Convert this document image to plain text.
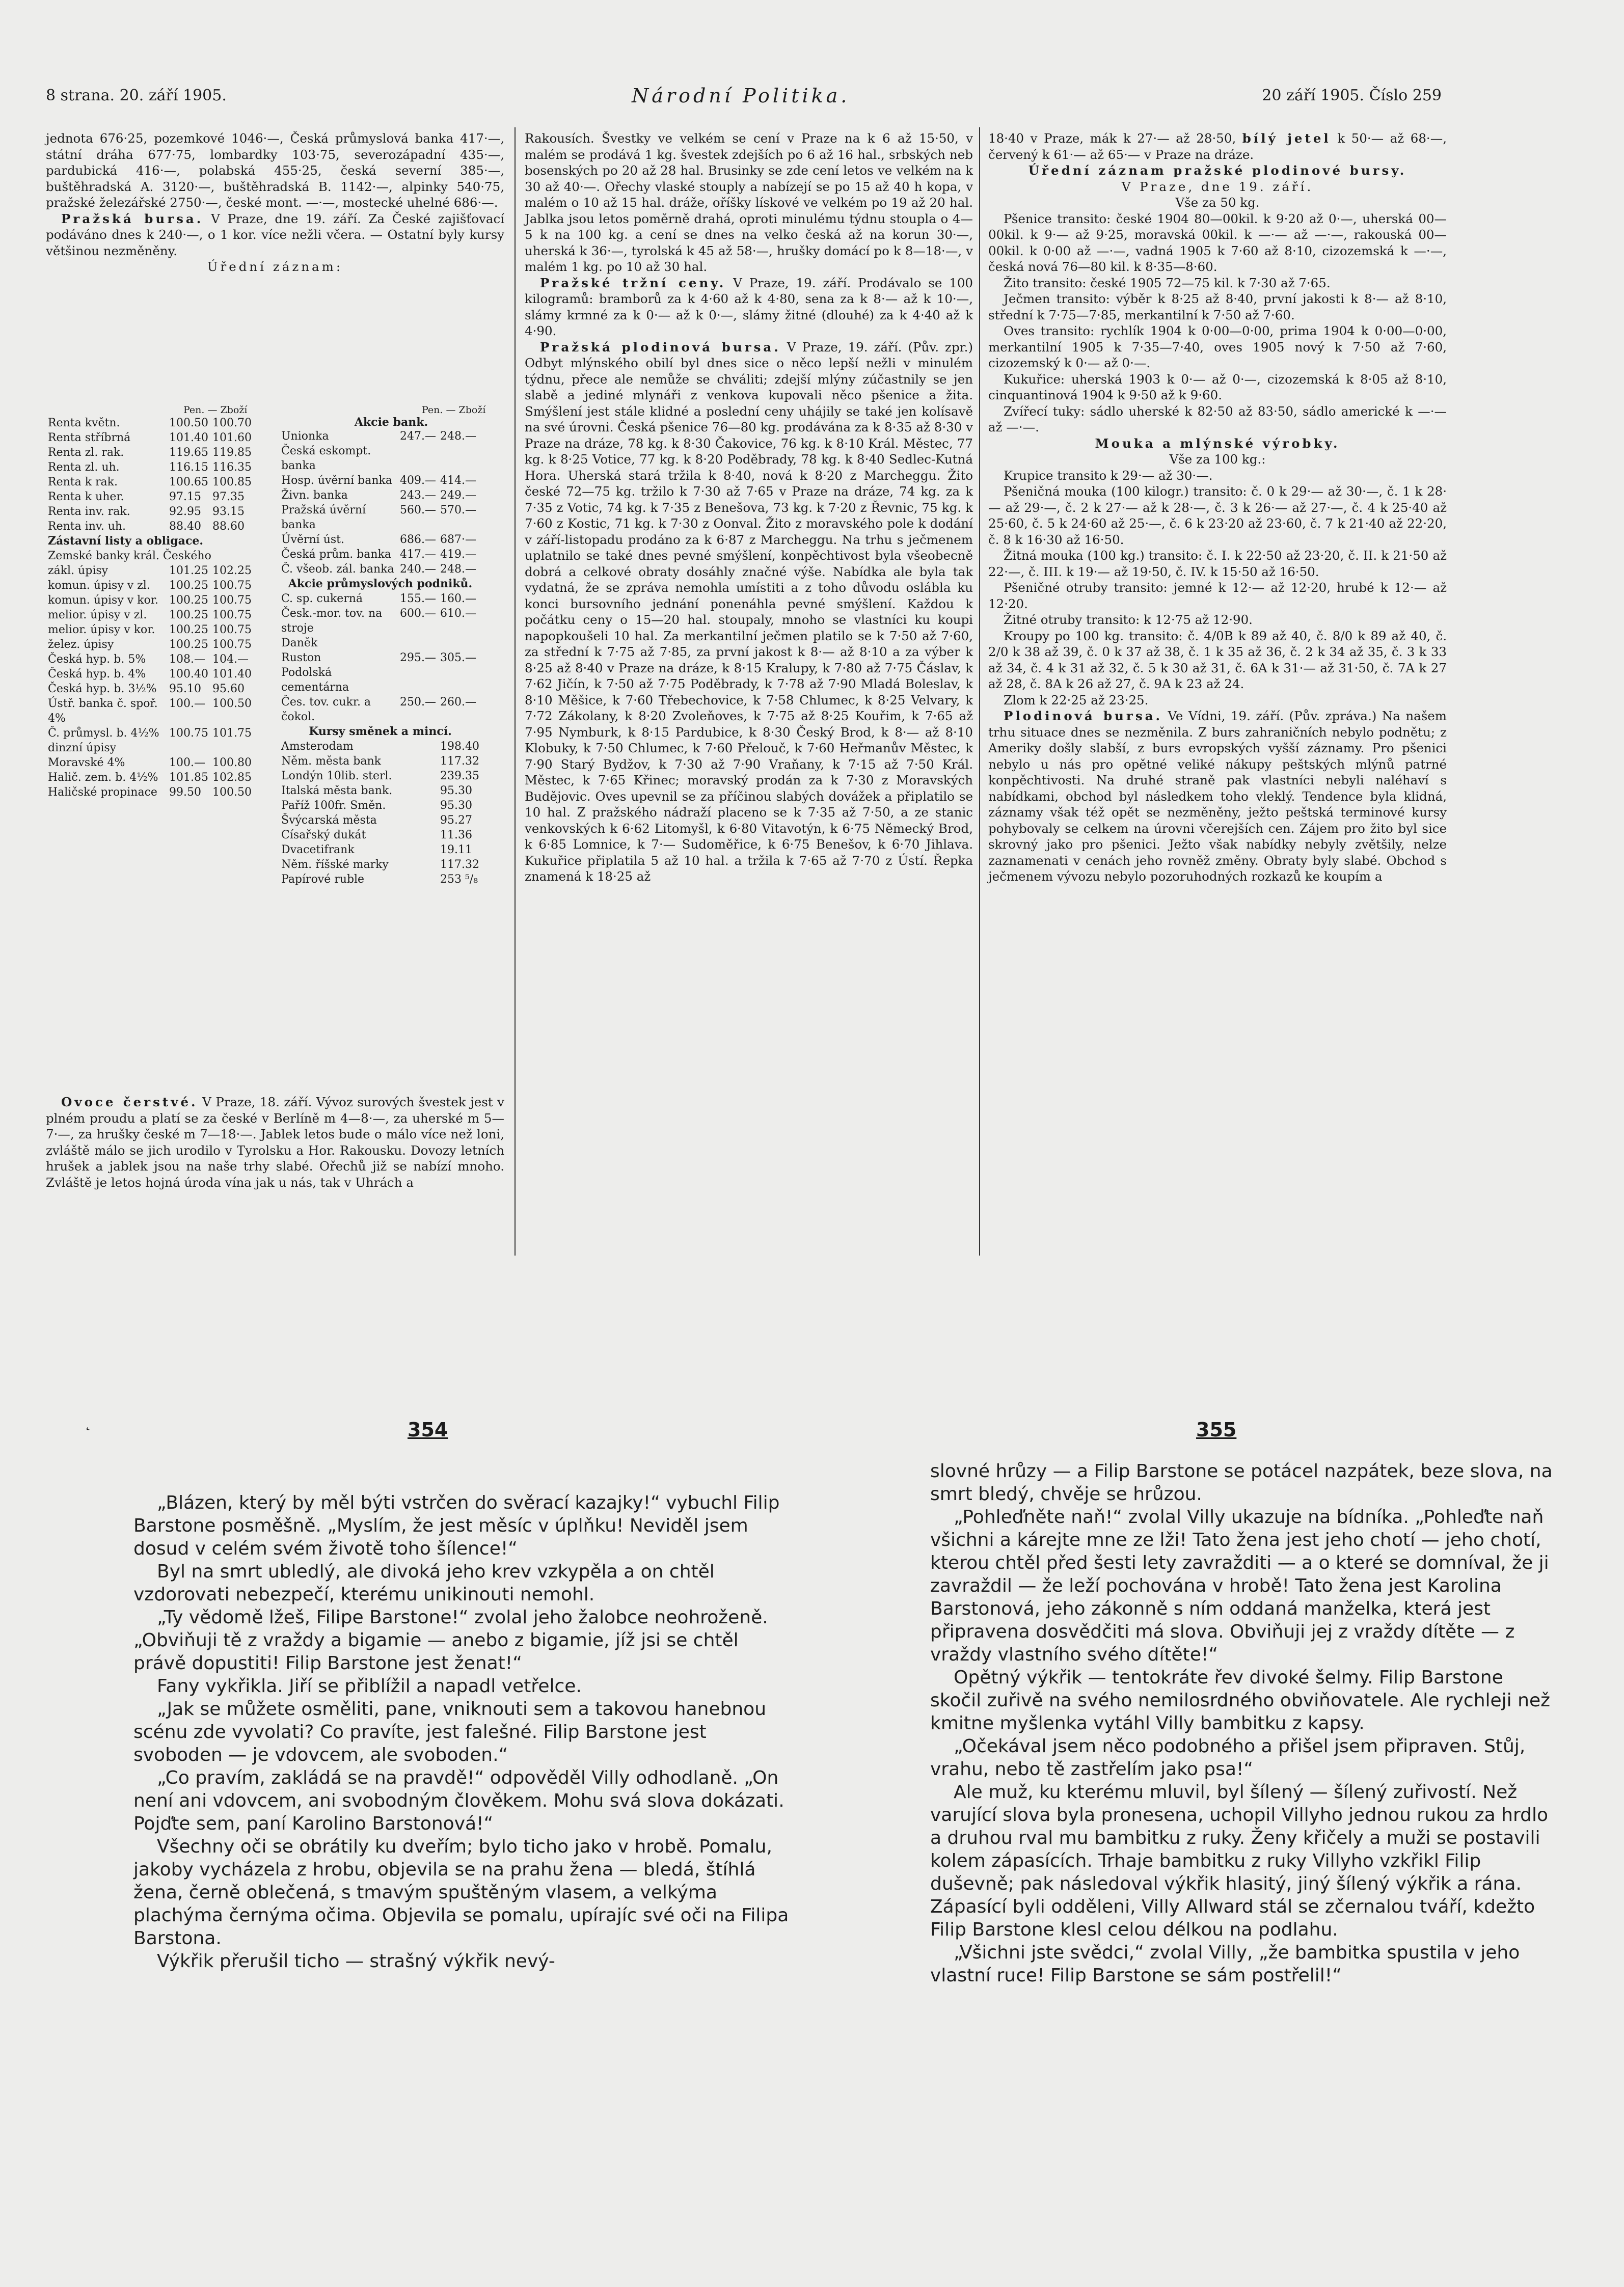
8 strana. 20. září 1905.	Národní Politika.	20 září 1905. Číslo 259

jednota 676·25, pozemkové 1046·—, Česká průmyslová banka 417·—, státní dráha 677·75, lombardky 103·75, severozápadní 435·—, pardubická 416·—, polabská 455·25, česká severní 385·—, buštěhradská A. 3120·—, buštěhradská B. 1142·—, alpinky 540·75, pražské železářské 2750·—, české mont. —·—, mostecké uhelné 686·—.

Pražská bursa. V Praze, dne 19. září. Za České zajišťovací podáváno dnes k 240·—, o 1 kor. více nežli včera. — Ostatní byly kursy většinou nezměněny.

Úřední záznam:

Pen. — Zboží
Renta květn.	100.50	100.70
Renta stříbrná	101.40	101.60
Renta zl. rak.	119.65	119.85
Renta zl. uh.	116.15	116.35
Renta k rak.	100.65	100.85
Renta k uher.	97.15	97.35
Renta inv. rak.	92.95	93.15
Renta inv. uh.	88.40	88.60
Zástavní listy a obligace.		
Zemské banky král. Českého		
zákl. úpisy	101.25	102.25
komun. úpisy v zl.	100.25	100.75
komun. úpisy v kor.	100.25	100.75
melior. úpisy v zl.	100.25	100.75
melior. úpisy v kor.	100.25	100.75
želez. úpisy	100.25	100.75
Česká hyp. b. 5%	108.—	104.—
Česká hyp. b. 4%	100.40	101.40
Česká hyp. b. 3½%	95.10	95.60
Ústř. banka č. spoř. 4%	100.—	100.50
Č. průmysl. b. 4½% dinzní úpisy	100.75	101.75
Moravské 4%	100.—	100.80
Halič. zem. b. 4½%	101.85	102.85
Haličské propinace	99.50	100.50
Pen. — Zboží
Akcie bank.
Unionka	247.—	248.—
Česká eskompt. banka		
Hosp. úvěrní banka	409.—	414.—
Živn. banka	243.—	249.—
Pražská úvěrní banka	560.—	570.—
Úvěrní úst.	686.—	687·—
Česká prům. banka	417.—	419.—
Č. všeob. zál. banka	240.—	248.—
Akcie průmyslových podniků.		
C. sp. cukerná	155.—	160.—
Česk.-mor. tov. na stroje	600.—	610.—
Daněk		
Ruston	295.—	305.—
Podolská cementárna		
Čes. tov. cukr. a čokol.	250.—	260.—
Kursy směnek a mincí.		
Amsterodam		198.40
Něm. města bank		117.32
Londýn 10lib. sterl.		239.35
Italská města bank.		95.30
Paříž 100fr. Směn.		95.30
Švýcarská města		95.27
Císařský dukát		11.36
Dvacetifrank		19.11
Něm. říšské marky		117.32
Papírové ruble		253 ⁵/₈

Ovoce čerstvé. V Praze, 18. září. Vývoz surových švestek jest v plném proudu a platí se za české v Berlíně m 4—8·—, za uherské m 5—7·—, za hrušky české m 7—18·—. Jablek letos bude o málo více než loni, zvláště málo se jich urodilo v Tyrolsku a Hor. Rakousku. Dovozy letních hrušek a jablek jsou na naše trhy slabé. Ořechů již se nabízí mnoho. Zvláště je letos hojná úroda vína jak u nás, tak v Uhrách a

Rakousích. Švestky ve velkém se cení v Praze na k 6 až 15·50, v malém se prodává 1 kg. švestek zdejších po 6 až 16 hal., srbských neb bosenských po 20 až 28 hal. Brusinky se zde cení letos ve velkém na k 30 až 40·—. Ořechy vlaské stouply a nabízejí se po 15 až 40 h kopa, v malém o 10 až 15 hal. dráže, oříšky lískové ve velkém po 19 až 20 hal. Jablka jsou letos poměrně drahá, oproti minulému týdnu stoupla o 4—5 k na 100 kg. a cení se dnes na velko česká až na korun 30·—, uherská k 36·—, tyrolská k 45 až 58·—, hrušky domácí po k 8—18·—, v malém 1 kg. po 10 až 30 hal.

Pražské tržní ceny. V Praze, 19. září. Prodávalo se 100 kilogramů: bramborů za k 4·60 až k 4·80, sena za k 8·— až k 10·—, slámy krmné za k 0·— až k 0·—, slámy žitné (dlouhé) za k 4·40 až k 4·90.

Pražská plodinová bursa. V Praze, 19. září. (Pův. zpr.) Odbyt mlýnského obilí byl dnes sice o něco lepší nežli v minulém týdnu, přece ale nemůže se chváliti; zdejší mlýny zúčastnily se jen slabě a jediné mlynáři z venkova kupovali něco pšenice a žita. Smýšlení jest stále klidné a poslední ceny uhájily se také jen kolísavě na své úrovni. Česká pšenice 76—80 kg. prodávána za k 8·35 až 8·30 v Praze na dráze, 78 kg. k 8·30 Čakovice, 76 kg. k 8·10 Král. Městec, 77 kg. k 8·25 Votice, 77 kg. k 8·20 Poděbrady, 78 kg. k 8·40 Sedlec-Kutná Hora. Uherská stará tržila k 8·40, nová k 8·20 z Marcheggu. Žito české 72—75 kg. tržilo k 7·30 až 7·65 v Praze na dráze, 74 kg. za k 7·35 z Votic, 74 kg. k 7·35 z Benešova, 73 kg. k 7·20 z Řevnic, 75 kg. k 7·60 z Kostic, 71 kg. k 7·30 z Oonval. Žito z moravského pole k dodání v září-listopadu prodáno za k 6·87 z Marcheggu. Na trhu s ječmenem uplatnilo se také dnes pevné smýšlení, konpěchtivost byla všeobecně dobrá a celkové obraty dosáhly značné výše. Nabídka ale byla tak vydatná, že se zpráva nemohla umístiti a z toho důvodu oslábla ku konci bursovního jednání ponenáhla pevné smýšlení. Každou k počátku ceny o 15—20 hal. stoupaly, mnoho se vlastníci ku koupi napopkoušeli 10 hal. Za merkantilní ječmen platilo se k 7·50 až 7·60, za střední k 7·75 až 7·85, za první jakost k 8·— až 8·10 a za výber k 8·25 až 8·40 v Praze na dráze, k 8·15 Kralupy, k 7·80 až 7·75 Čáslav, k 7·62 Jičín, k 7·50 až 7·75 Poděbrady, k 7·78 až 7·90 Mladá Boleslav, k 8·10 Měšice, k 7·60 Třebechovice, k 7·58 Chlumec, k 8·25 Velvary, k 7·72 Zákolany, k 8·20 Zvoleňoves, k 7·75 až 8·25 Kouřim, k 7·65 až 7·95 Nymburk, k 8·15 Pardubice, k 8·30 Český Brod, k 8·— až 8·10 Klobuky, k 7·50 Chlumec, k 7·60 Přelouč, k 7·60 Heřmanův Městec, k 7·90 Starý Bydžov, k 7·30 až 7·90 Vraňany, k 7·15 až 7·50 Král. Městec, k 7·65 Křinec; moravský prodán za k 7·30 z Moravských Budějovic. Oves upevnil se za příčinou slabých dovážek a připlatilo se 10 hal. Z pražského nádraží placeno se k 7·35 až 7·50, a ze stanic venkovských k 6·62 Litomyšl, k 6·80 Vitavotýn, k 6·75 Německý Brod, k 6·85 Lomnice, k 7·— Sudoměřice, k 6·75 Benešov, k 6·70 Jihlava. Kukuřice připlatila 5 až 10 hal. a tržila k 7·65 až 7·70 z Ústí. Řepka znamená k 18·25 až

18·40 v Praze, mák k 27·— až 28·50, bílý jetel k 50·— až 68·—, červený k 61·— až 65·— v Praze na dráze.

Úřední záznam pražské plodinové bursy.

V Praze, dne 19. září.

Vše za 50 kg.

Pšenice transito: české 1904 80—00kil. k 9·20 až 0·—, uherská 00—00kil. k 9·— až 9·25, moravská 00kil. k —·— až —·—, rakouská 00—00kil. k 0·00 až —·—, vadná 1905 k 7·60 až 8·10, cizozemská k —·—, česká nová 76—80 kil. k 8·35—8·60.

Žito transito: české 1905 72—75 kil. k 7·30 až 7·65.

Ječmen transito: výběr k 8·25 až 8·40, první jakosti k 8·— až 8·10, střední k 7·75—7·85, merkantilní k 7·50 až 7·60.

Oves transito: rychlík 1904 k 0·00—0·00, prima 1904 k 0·00—0·00, merkantilní 1905 k 7·35—7·40, oves 1905 nový k 7·50 až 7·60, cizozemský k 0·— až 0·—.

Kukuřice: uherská 1903 k 0·— až 0·—, cizozemská k 8·05 až 8·10, cinquantinová 1904 k 9·50 až k 9·60.

Zvířecí tuky: sádlo uherské k 82·50 až 83·50, sádlo americké k —·— až —·—.

Mouka a mlýnské výrobky.

Vše za 100 kg.:

Krupice transito k 29·— až 30·—.

Pšeničná mouka (100 kilogr.) transito: č. 0 k 29·— až 30·—, č. 1 k 28·— až 29·—, č. 2 k 27·— až k 28·—, č. 3 k 26·— až 27·—, č. 4 k 25·40 až 25·60, č. 5 k 24·60 až 25·—, č. 6 k 23·20 až 23·60, č. 7 k 21·40 až 22·20, č. 8 k 16·30 až 16·50.

Žitná mouka (100 kg.) transito: č. I. k 22·50 až 23·20, č. II. k 21·50 až 22·—, č. III. k 19·— až 19·50, č. IV. k 15·50 až 16·50.

Pšeničné otruby transito: jemné k 12·— až 12·20, hrubé k 12·— až 12·20.

Žitné otruby transito: k 12·75 až 12·90.

Kroupy po 100 kg. transito: č. 4/0B k 89 až 40, č. 8/0 k 89 až 40, č. 2/0 k 38 až 39, č. 0 k 37 až 38, č. 1 k 35 až 36, č. 2 k 34 až 35, č. 3 k 33 až 34, č. 4 k 31 až 32, č. 5 k 30 až 31, č. 6A k 31·— až 31·50, č. 7A k 27 až 28, č. 8A k 26 až 27, č. 9A k 23 až 24.

Zlom k 22·25 až 23·25.

Plodinová bursa. Ve Vídni, 19. září. (Pův. zpráva.) Na našem trhu situace dnes se nezměnila. Z burs zahraničních nebylo podnětu; z Ameriky došly slabší, z burs evropských vyšší záznamy. Pro pšenici nebylo u nás pro opětné veliké nákupy peštských mlýnů patrné konpěchtivosti. Na druhé straně pak vlastníci nebyli naléhaví s nabídkami, obchod byl následkem toho vleklý. Tendence byla klidná, záznamy však též opět se nezměněny, ježto peštská terminové kursy pohybovaly se celkem na úrovni včerejších cen. Zájem pro žito byl sice skrovný jako pro pšenici. Ježto však nabídky nebyly zvětšily, nelze zaznamenati v cenách jeho rovněž změny. Obraty byly slabé. Obchod s ječmenem vývozu nebylo pozoruhodných rozkazů ke koupím a

˛	354	355

„Blázen, který by měl býti vstrčen do svěrací kazajky!“ vybuchl Filip Barstone posměšně. „Myslím, že jest měsíc v úplňku! Neviděl jsem dosud v celém svém životě toho šílence!“

Byl na smrt ubledlý, ale divoká jeho krev vzkypěla a on chtěl vzdorovati nebezpečí, kterému unikinouti nemohl.

„Ty vědomě lžeš, Filipe Barstone!“ zvolal jeho žalobce neohroženě. „Obviňuji tě z vraždy a bigamie — anebo z bigamie, jíž jsi se chtěl právě dopustiti! Filip Barstone jest ženat!“

Fany vykřikla. Jiří se přiblížil a napadl vetřelce.

„Jak se můžete osměliti, pane, vniknouti sem a takovou hanebnou scénu zde vyvolati? Co pravíte, jest falešné. Filip Barstone jest svoboden — je vdovcem, ale svoboden.“

„Co pravím, zakládá se na pravdě!“ odpověděl Villy odhodlaně. „On není ani vdovcem, ani svobodným člověkem. Mohu svá slova dokázati. Pojďte sem, paní Karolino Barstonová!“

Všechny oči se obrátily ku dveřím; bylo ticho jako v hrobě. Pomalu, jakoby vycházela z hrobu, objevila se na prahu žena — bledá, štíhlá žena, černě oblečená, s tmavým spuštěným vlasem, a velkýma plachýma černýma očima. Objevila se pomalu, upírajíc své oči na Filipa Barstona.

Výkřik přerušil ticho — strašný výkřik nevý-

slovné hrůzy — a Filip Barstone se potácel nazpátek, beze slova, na smrt bledý, chvěje se hrůzou.

„Pohleďněte naň!“ zvolal Villy ukazuje na bídníka. „Pohleďte naň všichni a kárejte mne ze lži! Tato žena jest jeho chotí — jeho chotí, kterou chtěl před šesti lety zavražditi — a o které se domníval, že ji zavraždil — že leží pochována v hrobě! Tato žena jest Karolina Barstonová, jeho zákonně s ním oddaná manželka, která jest připravena dosvědčiti má slova. Obviňuji jej z vraždy dítěte — z vraždy vlastního svého dítěte!“

Opětný výkřik — tentokráte řev divoké šelmy. Filip Barstone skočil zuřivě na svého nemilosrdného obviňovatele. Ale rychleji než kmitne myšlenka vytáhl Villy bambitku z kapsy.

„Očekával jsem něco podobného a přišel jsem připraven. Stůj, vrahu, nebo tě zastřelím jako psa!“

Ale muž, ku kterému mluvil, byl šílený — šílený zuřivostí. Než varující slova byla pronesena, uchopil Villyho jednou rukou za hrdlo a druhou rval mu bambitku z ruky. Ženy křičely a muži se postavili kolem zápasících. Trhaje bambitku z ruky Villyho vzkřikl Filip duševně; pak následoval výkřik hlasitý, jiný šílený výkřik a rána. Zápasící byli odděleni, Villy Allward stál se zčernalou tváří, kdežto Filip Barstone klesl celou délkou na podlahu.

„Všichni jste svědci,“ zvolal Villy, „že bambitka spustila v jeho vlastní ruce! Filip Barstone se sám postřelil!“
